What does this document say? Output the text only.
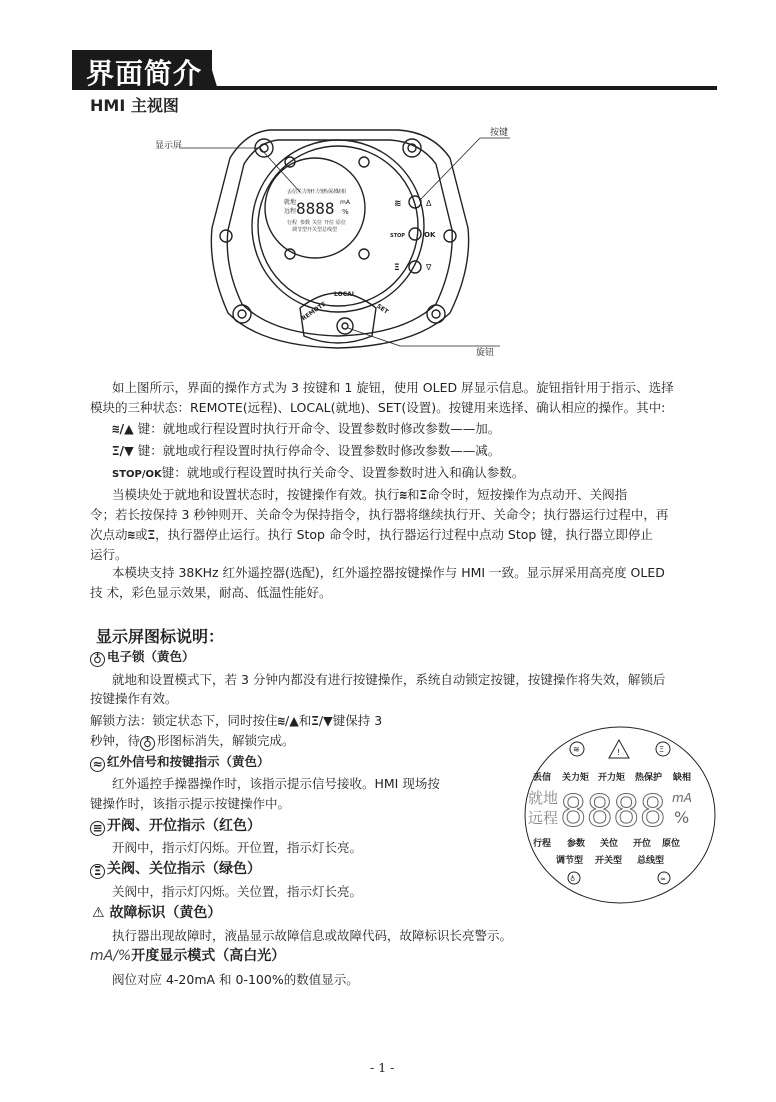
界面简介
HMI 主视图
丢信 关力矩
开力矩
热保护
缺相
就地
远程 8888 mA
%
行程 参数 关位 开位 原位
调节型 开关型 总线型
≋	Δ
STOP	OK
Ξ	∇
REMOTE
LOCAL
SET
显示屏
按键
旋钮
如上图所示，界面的操作方式为 3 按键和 1 旋钮，使用 OLED 屏显示信息。旋钮指针用于指示、选择
模块的三种状态：REMOTE(远程)、LOCAL(就地)、SET(设置)。按键用来选择、确认相应的操作。其中:
≋/▲ 键：就地或行程设置时执行开命令、设置参数时修改参数——加。
Ξ/▼ 键：就地或行程设置时执行停命令、设置参数时修改参数——减。
STOP/OK键：就地或行程设置时执行关命令、设置参数时进入和确认参数。
当模块处于就地和设置状态时，按键操作有效。执行≋和Ξ命令时，短按操作为点动开、关阀指
令；若长按保持 3 秒钟则开、关命令为保持指令，执行器将继续执行开、关命令；执行器运行过程中，再
次点动≋或Ξ，执行器停止运行。执行 Stop 命令时，执行器运行过程中点动 Stop 键，执行器立即停止
运行。
本模块支持 38KHz 红外遥控器(选配)，红外遥控器按键操作与 HMI 一致。显示屏采用高亮度 OLED
技 术，彩色显示效果，耐高、低温性能好。
显示屏图标说明：
♁ 电子锁（黄色）
就地和设置模式下，若 3 分钟内都没有进行按键操作，系统自动锁定按键，按键操作将失效，解锁后
按键操作有效。
解锁方法：锁定状态下，同时按住≋/▲和Ξ/▼键保持 3
秒钟，待 ♁ 形图标消失，解锁完成。
≈ 红外信号和按键指示（黄色）
红外遥控手操器操作时，该指示提示信号接收。HMI 现场按
键操作时，该指示提示按键操作中。
≡ 开阀、开位指示（红色）
开阀中，指示灯闪烁。开位置，指示灯长亮。
Ξ 关阀、关位指示（绿色）
关阀中，指示灯闪烁。关位置，指示灯长亮。
⚠ 故障标识（黄色）
执行器出现故障时，液晶显示故障信息或故障代码，故障标识长亮警示。
mA/%开度显示模式（高白光）
阀位对应 4-20mA 和 0-100%的数值显示。
≋	!	Ξ
♁	≈
丢信 关力矩 开力矩 热保护 缺相
就地
远程 8888 mA
%
行程 参数 关位 开位 原位
调节型 开关型 总线型
- 1 -
